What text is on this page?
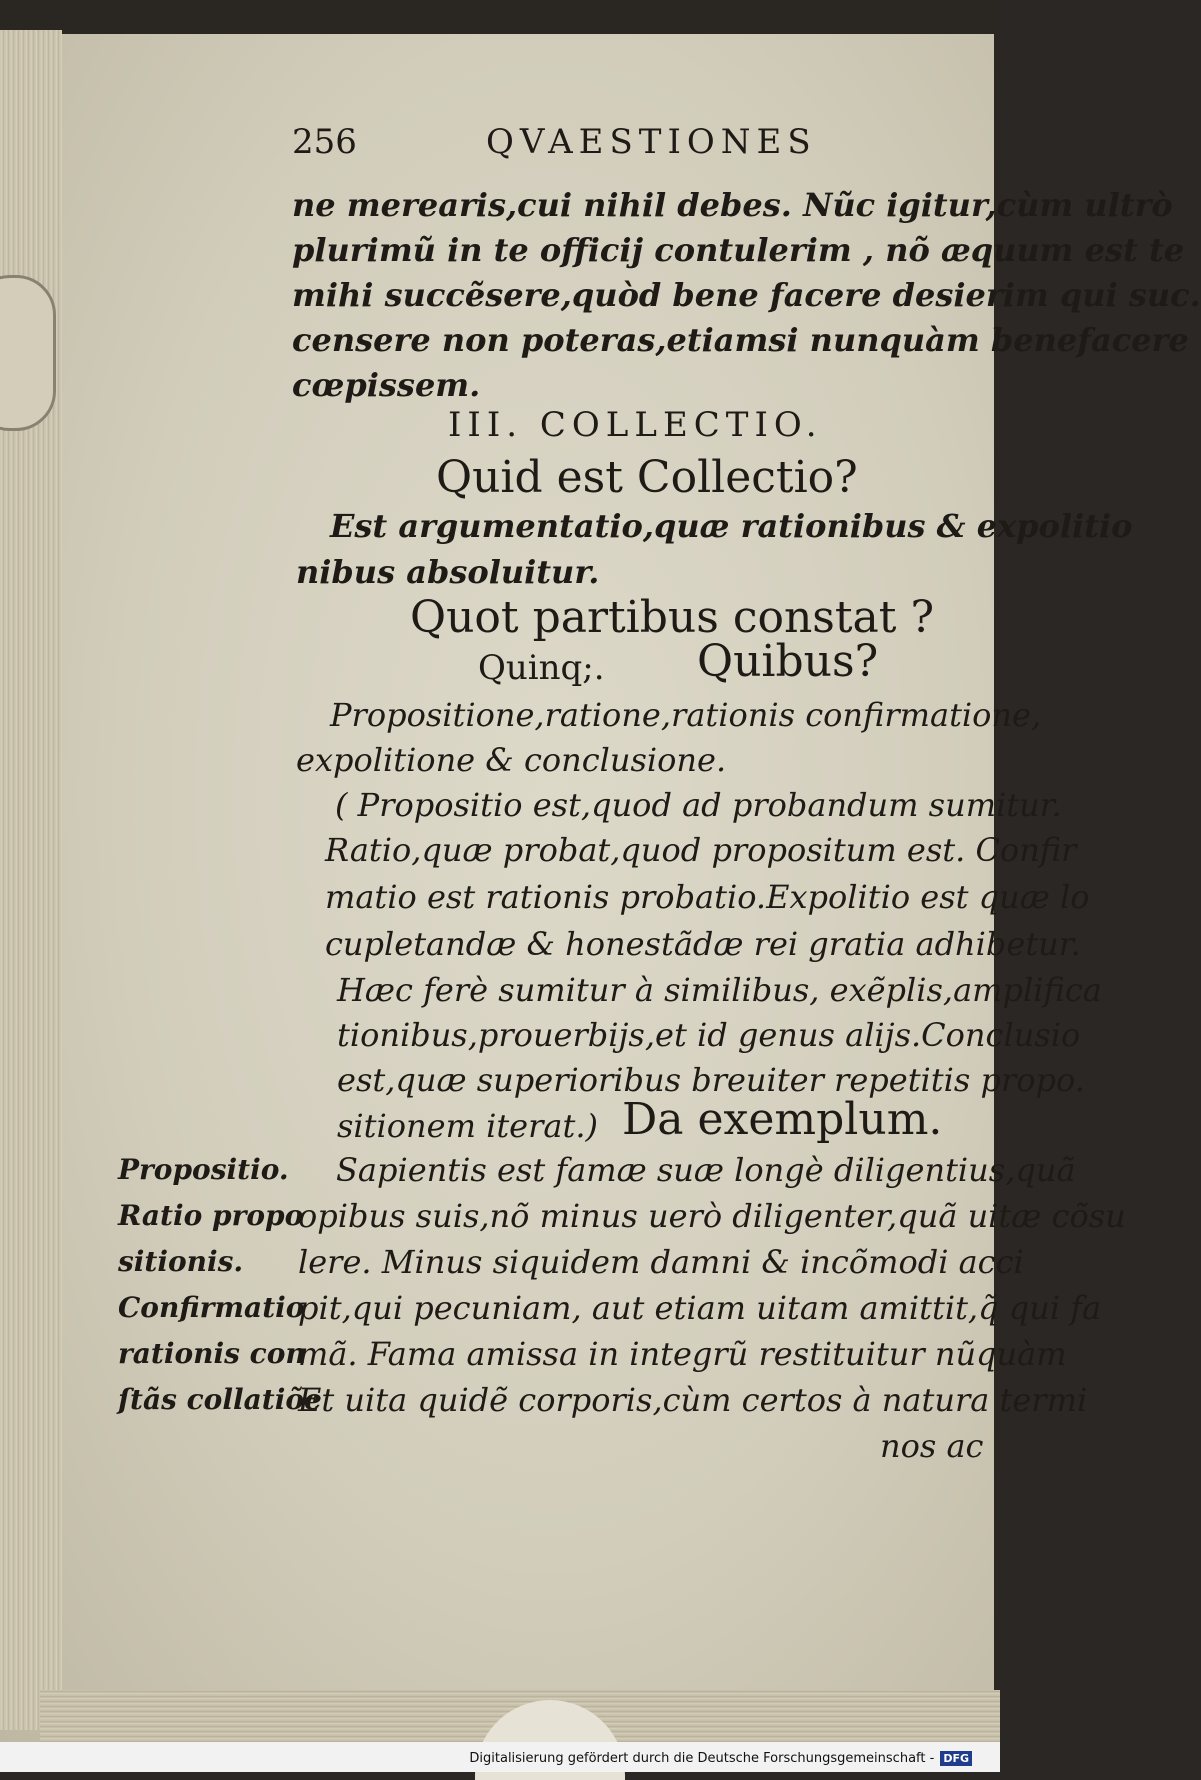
256	QVAESTIONES
ne merearis,cui nihil debes. Nũc igitur,cùm ultrò
plurimũ in te officij contulerim , nõ æquum est te
mihi succẽsere,quòd bene facere desierim qui suc.
censere non poteras,etiamsi nunquàm benefacere
cœpissem.
III. COLLECTIO.
Quid est Collectio?
Est argumentatio,quæ rationibus & expolitio
nibus absoluitur.
Quot partibus constat ?
Quinq;. Quibus?
Propositione,ratione,rationis confirmatione,
expolitione & conclusione.
( Propositio est,quod ad probandum sumitur.
Ratio,quæ probat,quod propositum est. Confir
matio est rationis probatio.Expolitio est quæ lo
cupletandæ & honestãdæ rei gratia adhibetur.
Hæc ferè sumitur à similibus, exẽplis,amplifica
tionibus,prouerbijs,et id genus alijs.Conclusio
est,quæ superioribus breuiter repetitis propo.
sitionem iterat.) Da exemplum.
Sapientis est famæ suæ longè diligentius,quã
opibus suis,nõ minus uerò diligenter,quã uitæ cõsu
lere. Minus siquidem damni & incõmodi acci
pit,qui pecuniam, aut etiam uitam amittit,q̃ qui fa
mã. Fama amissa in integrũ restituitur nũquàm
Et uita quidẽ corporis,cùm certos à natura termi
nos ac
Propositio.
Ratio propo
sitionis.
Confirmatio
rationis con
ſtãs collatiõe
Digitalisierung gefördert durch die Deutsche Forschungsgemeinschaft - DFG
